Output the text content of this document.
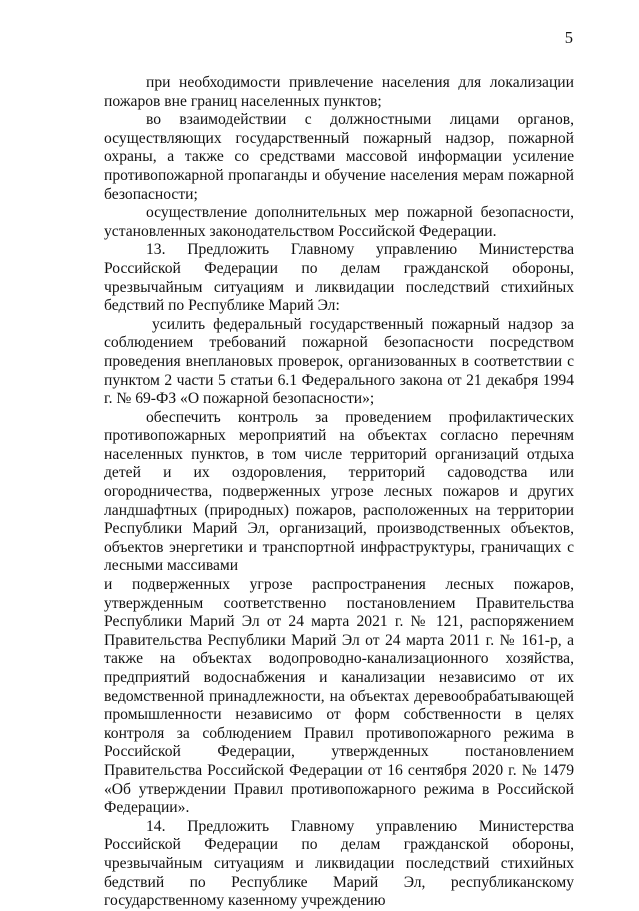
5

при необходимости привлечение населения для локализации пожаров вне границ населенных пунктов;

во взаимодействии с должностными лицами органов, осуществляющих государственный пожарный надзор, пожарной охраны, а также со средствами массовой информации усиление противопожарной пропаганды и обучение населения мерам пожарной безопасности;

осуществление дополнительных мер пожарной безопасности, установленных законодательством Российской Федерации.

13. Предложить Главному управлению Министерства Российской Федерации по делам гражданской обороны, чрезвычайным ситуациям и ликвидации последствий стихийных бедствий по Республике Марий Эл:

усилить федеральный государственный пожарный надзор за соблюдением требований пожарной безопасности посредством проведения внеплановых проверок, организованных в соответствии с пунктом 2 части 5 статьи 6.1 Федерального закона от 21 декабря 1994 г. № 69-ФЗ «О пожарной безопасности»;

обеспечить контроль за проведением профилактических противопожарных мероприятий на объектах согласно перечням населенных пунктов, в том числе территорий организаций отдыха детей и их оздоровления, территорий садоводства или огородничества, подверженных угрозе лесных пожаров и других ландшафтных (природных) пожаров, расположенных на территории Республики Марий Эл, организаций, производственных объектов, объектов энергетики и транспортной инфраструктуры, граничащих с лесными массивами

и подверженных угрозе распространения лесных пожаров, утвержденным соответственно постановлением Правительства Республики Марий Эл от 24 марта 2021 г. № 121, распоряжением Правительства Республики Марий Эл от 24 марта 2011 г. № 161-р, а также на объектах водопроводно-канализационного хозяйства, предприятий водоснабжения и канализации независимо от их ведомственной принадлежности, на объектах деревообрабатывающей промышленности независимо от форм собственности в целях контроля за соблюдением Правил противопожарного режима в Российской Федерации, утвержденных постановлением Правительства Российской Федерации от 16 сентября 2020 г. № 1479 «Об утверждении Правил противопожарного режима в Российской Федерации».

14. Предложить Главному управлению Министерства Российской Федерации по делам гражданской обороны, чрезвычайным ситуациям и ликвидации последствий стихийных бедствий по Республике Марий Эл, республиканскому государственному казенному учреждению
